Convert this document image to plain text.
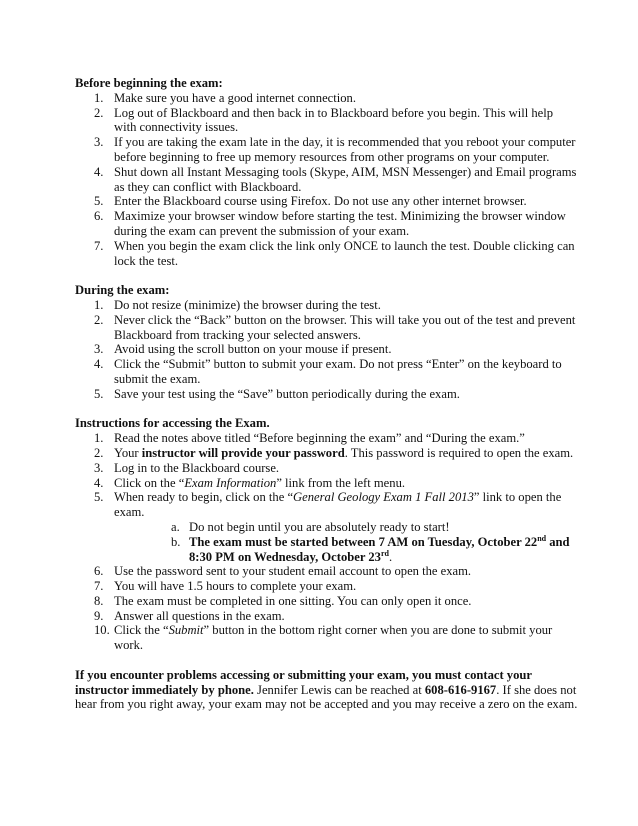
Before beginning the exam:
1. Make sure you have a good internet connection.
2. Log out of Blackboard and then back in to Blackboard before you begin. This will help with connectivity issues.
3. If you are taking the exam late in the day, it is recommended that you reboot your computer before beginning to free up memory resources from other programs on your computer.
4. Shut down all Instant Messaging tools (Skype, AIM, MSN Messenger) and Email programs as they can conflict with Blackboard.
5. Enter the Blackboard course using Firefox. Do not use any other internet browser.
6. Maximize your browser window before starting the test. Minimizing the browser window during the exam can prevent the submission of your exam.
7. When you begin the exam click the link only ONCE to launch the test. Double clicking can lock the test.
During the exam:
1. Do not resize (minimize) the browser during the test.
2. Never click the “Back” button on the browser. This will take you out of the test and prevent Blackboard from tracking your selected answers.
3. Avoid using the scroll button on your mouse if present.
4. Click the “Submit” button to submit your exam. Do not press “Enter” on the keyboard to submit the exam.
5. Save your test using the “Save” button periodically during the exam.
Instructions for accessing the Exam.
1. Read the notes above titled “Before beginning the exam” and “During the exam.”
2. Your instructor will provide your password. This password is required to open the exam.
3. Log in to the Blackboard course.
4. Click on the “Exam Information” link from the left menu.
5. When ready to begin, click on the “General Geology Exam 1 Fall 2013” link to open the exam.
a. Do not begin until you are absolutely ready to start!
b. The exam must be started between 7 AM on Tuesday, October 22nd and 8:30 PM on Wednesday, October 23rd.
6. Use the password sent to your student email account to open the exam.
7. You will have 1.5 hours to complete your exam.
8. The exam must be completed in one sitting. You can only open it once.
9. Answer all questions in the exam.
10. Click the “Submit” button in the bottom right corner when you are done to submit your work.
If you encounter problems accessing or submitting your exam, you must contact your instructor immediately by phone. Jennifer Lewis can be reached at 608-616-9167. If she does not hear from you right away, your exam may not be accepted and you may receive a zero on the exam.
